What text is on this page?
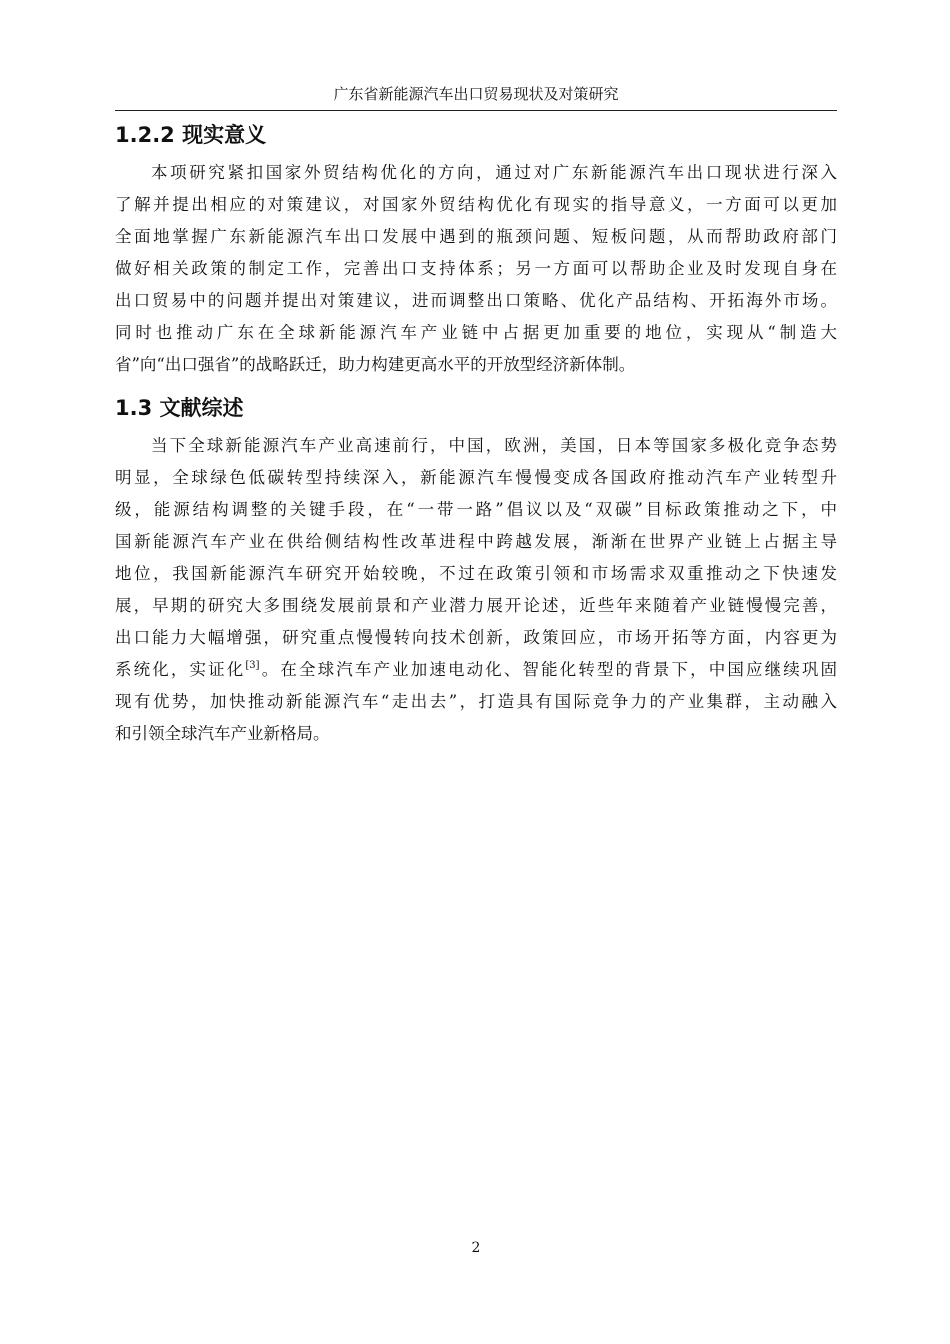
广东省新能源汽车出口贸易现状及对策研究
1.2.2 现实意义
本项研究紧扣国家外贸结构优化的方向，通过对广东新能源汽车出口现状进行深入
了解并提出相应的对策建议，对国家外贸结构优化有现实的指导意义，一方面可以更加
全面地掌握广东新能源汽车出口发展中遇到的瓶颈问题、短板问题，从而帮助政府部门
做好相关政策的制定工作，完善出口支持体系；另一方面可以帮助企业及时发现自身在
出口贸易中的问题并提出对策建议，进而调整出口策略、优化产品结构、开拓海外市场。
同时也推动广东在全球新能源汽车产业链中占据更加重要的地位，实现从“制造大
省”向“出口强省”的战略跃迁，助力构建更高水平的开放型经济新体制。
1.3 文献综述
当下全球新能源汽车产业高速前行，中国，欧洲，美国，日本等国家多极化竞争态势
明显，全球绿色低碳转型持续深入，新能源汽车慢慢变成各国政府推动汽车产业转型升
级，能源结构调整的关键手段，在“一带一路”倡议以及“双碳”目标政策推动之下，中
国新能源汽车产业在供给侧结构性改革进程中跨越发展，渐渐在世界产业链上占据主导
地位，我国新能源汽车研究开始较晚，不过在政策引领和市场需求双重推动之下快速发
展，早期的研究大多围绕发展前景和产业潜力展开论述，近些年来随着产业链慢慢完善，
出口能力大幅增强，研究重点慢慢转向技术创新，政策回应，市场开拓等方面，内容更为
系统化，实证化[3]。在全球汽车产业加速电动化、智能化转型的背景下，中国应继续巩固
现有优势，加快推动新能源汽车“走出去”，打造具有国际竞争力的产业集群，主动融入
和引领全球汽车产业新格局。
2
